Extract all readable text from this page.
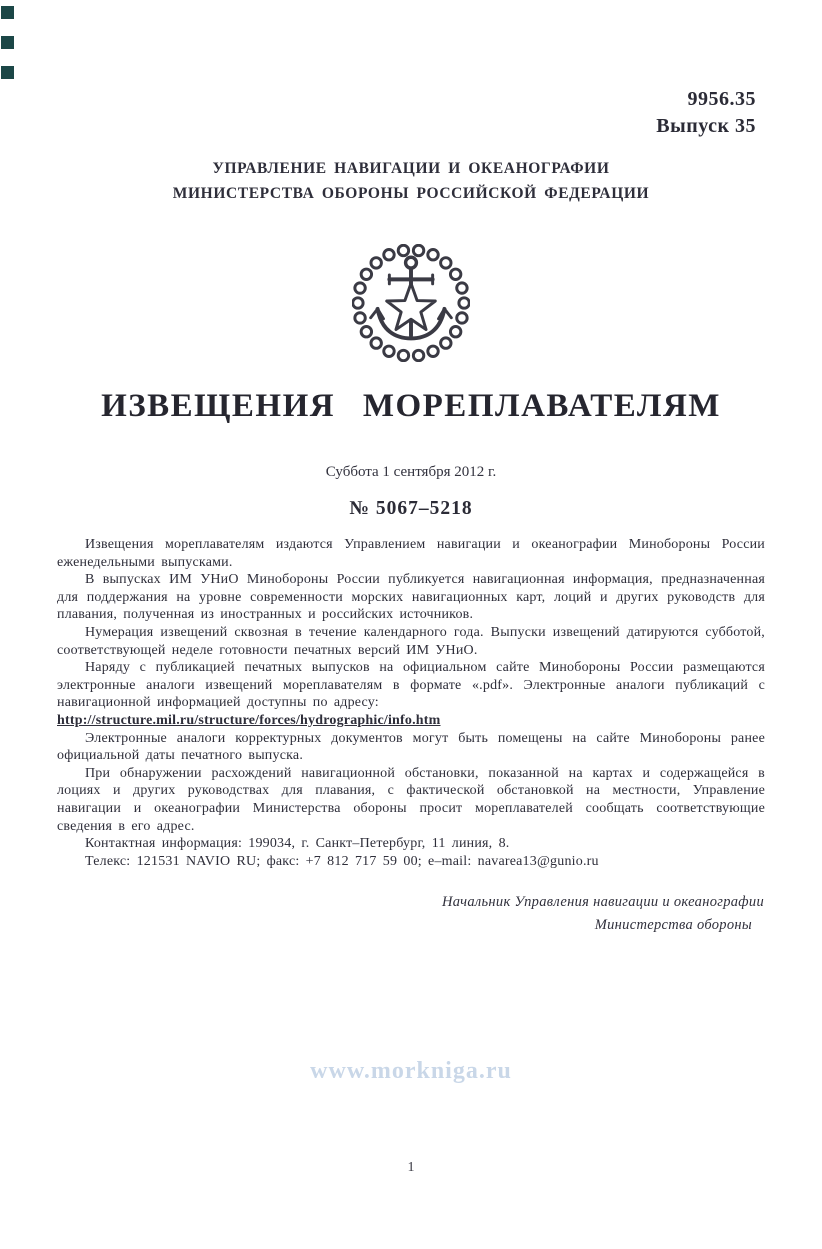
9956.35
Выпуск 35
УПРАВЛЕНИЕ НАВИГАЦИИ И ОКЕАНОГРАФИИ
МИНИСТЕРСТВА ОБОРОНЫ РОССИЙСКОЙ ФЕДЕРАЦИИ
ИЗВЕЩЕНИЯ МОРЕПЛАВАТЕЛЯМ
Суббота 1 сентября 2012 г.
№ 5067–5218

Извещения мореплавателям издаются Управлением навигации и океанографии Минобороны России еженедельными выпусками.

В выпусках ИМ УНиО Минобороны России публикуется навигационная информация, предназначенная для поддержания на уровне современности морских навигационных карт, лоций и других руководств для плавания, полученная из иностранных и российских источников.

Нумерация извещений сквозная в течение календарного года. Выпуски извещений датируются субботой, соответствующей неделе готовности печатных версий ИМ УНиО.

Наряду с публикацией печатных выпусков на официальном сайте Минобороны России размещаются электронные аналоги извещений мореплавателям в формате «.pdf». Электронные аналоги публикаций с навигационной информацией доступны по адресу:
http://structure.mil.ru/structure/forces/hydrographic/info.htm

Электронные аналоги корректурных документов могут быть помещены на сайте Минобороны ранее официальной даты печатного выпуска.

При обнаружении расхождений навигационной обстановки, показанной на картах и содержащейся в лоциях и других руководствах для плавания, с фактической обстановкой на местности, Управление навигации и океанографии Министерства обороны просит мореплавателей сообщать соответствующие сведения в его адрес.

Контактная информация: 199034, г. Санкт–Петербург, 11 линия, 8.

Телекс: 121531 NAVIO RU; факс: +7 812 717 59 00; e–mail: navarea13@gunio.ru

Начальник Управления навигации и океанографии
Министерства обороны
www.morkniga.ru
1
